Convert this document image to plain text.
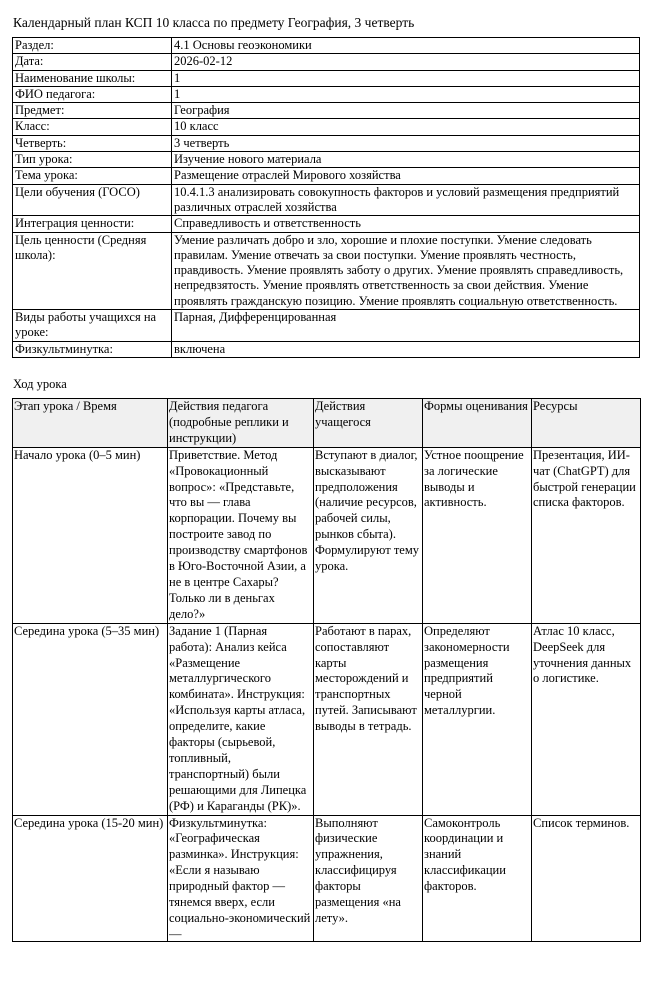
Календарный план КСП 10 класса по предмету География, 3 четверть
Раздел:	4.1 Основы геоэкономики
Дата:	2026-02-12
Наименование школы:	1
ФИО педагога:	1
Предмет:	География
Класс:	10 класс
Четверть:	3 четверть
Тип урока:	Изучение нового материала
Тема урока:	Размещение отраслей Мирового хозяйства
Цели обучения (ГОСО)	10.4.1.3 анализировать совокупность факторов и условий размещения предприятий различных отраслей хозяйства
Интеграция ценности:	Справедливость и ответственность
Цель ценности (Средняя школа):	Умение различать добро и зло, хорошие и плохие поступки. Умение следовать правилам. Умение отвечать за свои поступки. Умение проявлять честность, правдивость. Умение проявлять заботу о других. Умение проявлять справедливость, непредвзятость. Умение проявлять ответственность за свои действия. Умение проявлять гражданскую позицию. Умение проявлять социальную ответственность.
Виды работы учащихся на уроке:	Парная, Дифференцированная
Физкультминутка:	включена
Ход урока
Этап урока / Время	Действия педагога (подробные реплики и инструкции)	Действия учащегося	Формы оценивания	Ресурсы
Начало урока (0–5 мин)	Приветствие. Метод «Провокационный вопрос»: «Представьте, что вы — глава корпорации. Почему вы построите завод по производству смартфонов в Юго-Восточной Азии, а не в центре Сахары? Только ли в деньгах дело?»	Вступают в диалог, высказывают предположения (наличие ресурсов, рабочей силы, рынков сбыта). Формулируют тему урока.	Устное поощрение за логические выводы и активность.	Презентация, ИИ-чат (ChatGPT) для быстрой генерации списка факторов.
Середина урока (5–35 мин)	Задание 1 (Парная работа): Анализ кейса «Размещение металлургического комбината». Инструкция: «Используя карты атласа, определите, какие факторы (сырьевой, топливный, транспортный) были решающими для Липецка (РФ) и Караганды (РК)».	Работают в парах, сопоставляют карты месторождений и транспортных путей. Записывают выводы в тетрадь.	Определяют закономерности размещения предприятий черной металлургии.	Атлас 10 класс, DeepSeek для уточнения данных о логистике.

Середина урока (15-20 мин)	Физкультминутка: «Географическая разминка». Инструкция: «Если я называю природный фактор — тянемся вверх, если социально-экономический —	Выполняют физические упражнения, классифицируя факторы размещения «на лету».	Самоконтроль координации и знаний классификации факторов.	Список терминов.
